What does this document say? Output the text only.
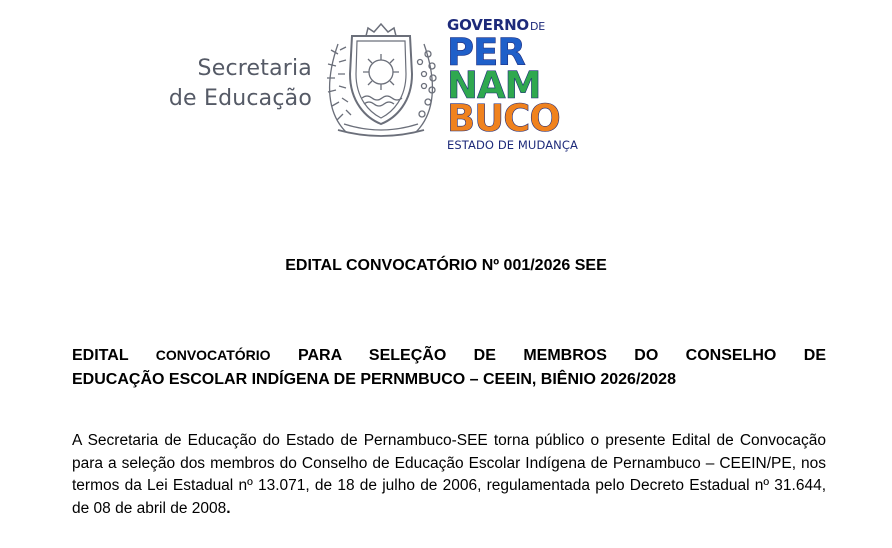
Secretaria
de Educação
GOVERNODE
PER
NAM
BUCO
ESTADO DE MUDANÇA
EDITAL CONVOCATÓRIO Nº 001/2026 SEE
EDITAL CONVOCATÓRIO PARA SELEÇÃO DE MEMBROS DO CONSELHO DE
EDUCAÇÃO ESCOLAR INDÍGENA DE PERNMBUCO – CEEIN, BIÊNIO 2026/2028
A Secretaria de Educação do Estado de Pernambuco-SEE torna público o presente Edital de Convocação para a seleção dos membros do Conselho de Educação Escolar Indígena de Pernambuco – CEEIN/PE, nos termos da Lei Estadual nº 13.071, de 18 de julho de 2006, regulamentada pelo Decreto Estadual nº 31.644, de 08 de abril de 2008.
